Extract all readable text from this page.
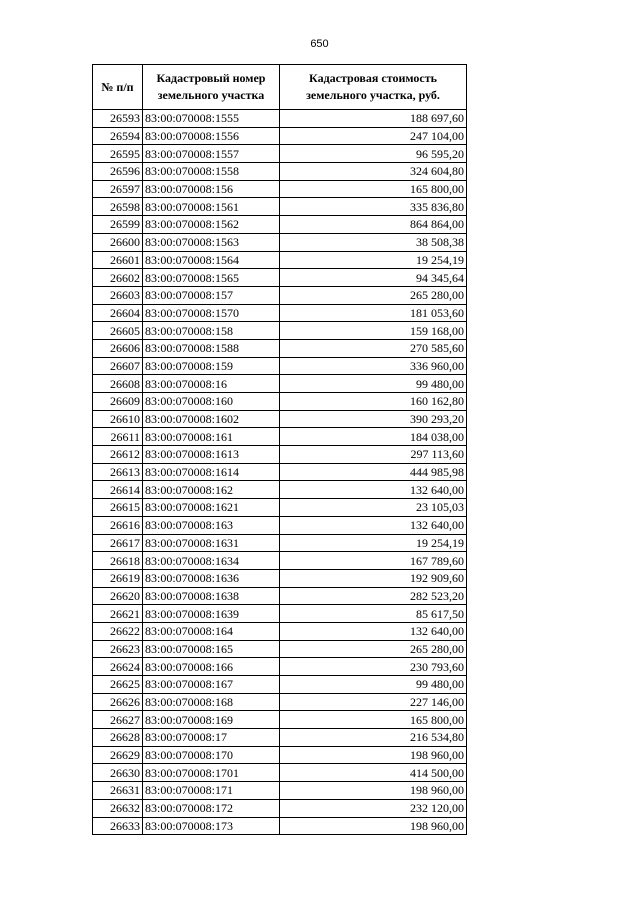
650
№ п/п	Кадастровый номер земельного участка	Кадастровая стоимость земельного участка, руб.
26593	83:00:070008:1555	188 697,60
26594	83:00:070008:1556	247 104,00
26595	83:00:070008:1557	96 595,20
26596	83:00:070008:1558	324 604,80
26597	83:00:070008:156	165 800,00
26598	83:00:070008:1561	335 836,80
26599	83:00:070008:1562	864 864,00
26600	83:00:070008:1563	38 508,38
26601	83:00:070008:1564	19 254,19
26602	83:00:070008:1565	94 345,64
26603	83:00:070008:157	265 280,00
26604	83:00:070008:1570	181 053,60
26605	83:00:070008:158	159 168,00
26606	83:00:070008:1588	270 585,60
26607	83:00:070008:159	336 960,00
26608	83:00:070008:16	99 480,00
26609	83:00:070008:160	160 162,80
26610	83:00:070008:1602	390 293,20
26611	83:00:070008:161	184 038,00
26612	83:00:070008:1613	297 113,60
26613	83:00:070008:1614	444 985,98
26614	83:00:070008:162	132 640,00
26615	83:00:070008:1621	23 105,03
26616	83:00:070008:163	132 640,00
26617	83:00:070008:1631	19 254,19
26618	83:00:070008:1634	167 789,60
26619	83:00:070008:1636	192 909,60
26620	83:00:070008:1638	282 523,20
26621	83:00:070008:1639	85 617,50
26622	83:00:070008:164	132 640,00
26623	83:00:070008:165	265 280,00
26624	83:00:070008:166	230 793,60
26625	83:00:070008:167	99 480,00
26626	83:00:070008:168	227 146,00
26627	83:00:070008:169	165 800,00
26628	83:00:070008:17	216 534,80
26629	83:00:070008:170	198 960,00
26630	83:00:070008:1701	414 500,00
26631	83:00:070008:171	198 960,00
26632	83:00:070008:172	232 120,00
26633	83:00:070008:173	198 960,00
